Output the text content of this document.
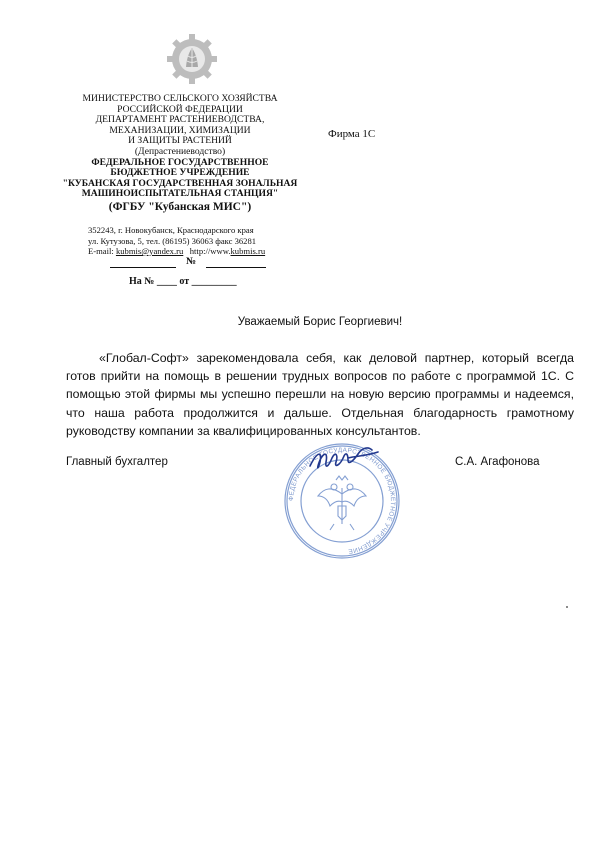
МИНИСТЕРСТВО СЕЛЬСКОГО ХОЗЯЙСТВА
РОССИЙСКОЙ ФЕДЕРАЦИИ
ДЕПАРТАМЕНТ РАСТЕНИЕВОДСТВА,
МЕХАНИЗАЦИИ, ХИМИЗАЦИИ
И ЗАЩИТЫ РАСТЕНИЙ
(Депрастениеводство)
ФЕДЕРАЛЬНОЕ ГОСУДАРСТВЕННОЕ
БЮДЖЕТНОЕ УЧРЕЖДЕНИЕ
"КУБАНСКАЯ ГОСУДАРСТВЕННАЯ ЗОНАЛЬНАЯ
МАШИНОИСПЫТАТЕЛЬНАЯ СТАНЦИЯ"
(ФГБУ "Кубанская МИС")
352243, г. Новокубанск, Краснодарского края
ул. Кутузова, 5, тел. (86195) 36063 факс 36281
E-mail: kubmis@yandex.ru http://www.kubmis.ru
№
На № ____ от _________
Фирма 1С
Уважаемый Борис Георгиевич!

«Глобал-Софт» зарекомендовала себя, как деловой партнер, который всегда готов прийти на помощь в решении трудных вопросов по работе с программой 1С. С помощью этой фирмы мы успешно перешли на новую версию программы и надеемся, что наша работа продолжится и дальше. Отдельная благодарность грамотному руководству компании за квалифицированных консультантов.

Главный бухгалтер	С.А. Агафонова
ФЕДЕРАЛЬНОЕ ГОСУДАРСТВЕННОЕ БЮДЖЕТНОЕ УЧРЕЖДЕНИЕ
